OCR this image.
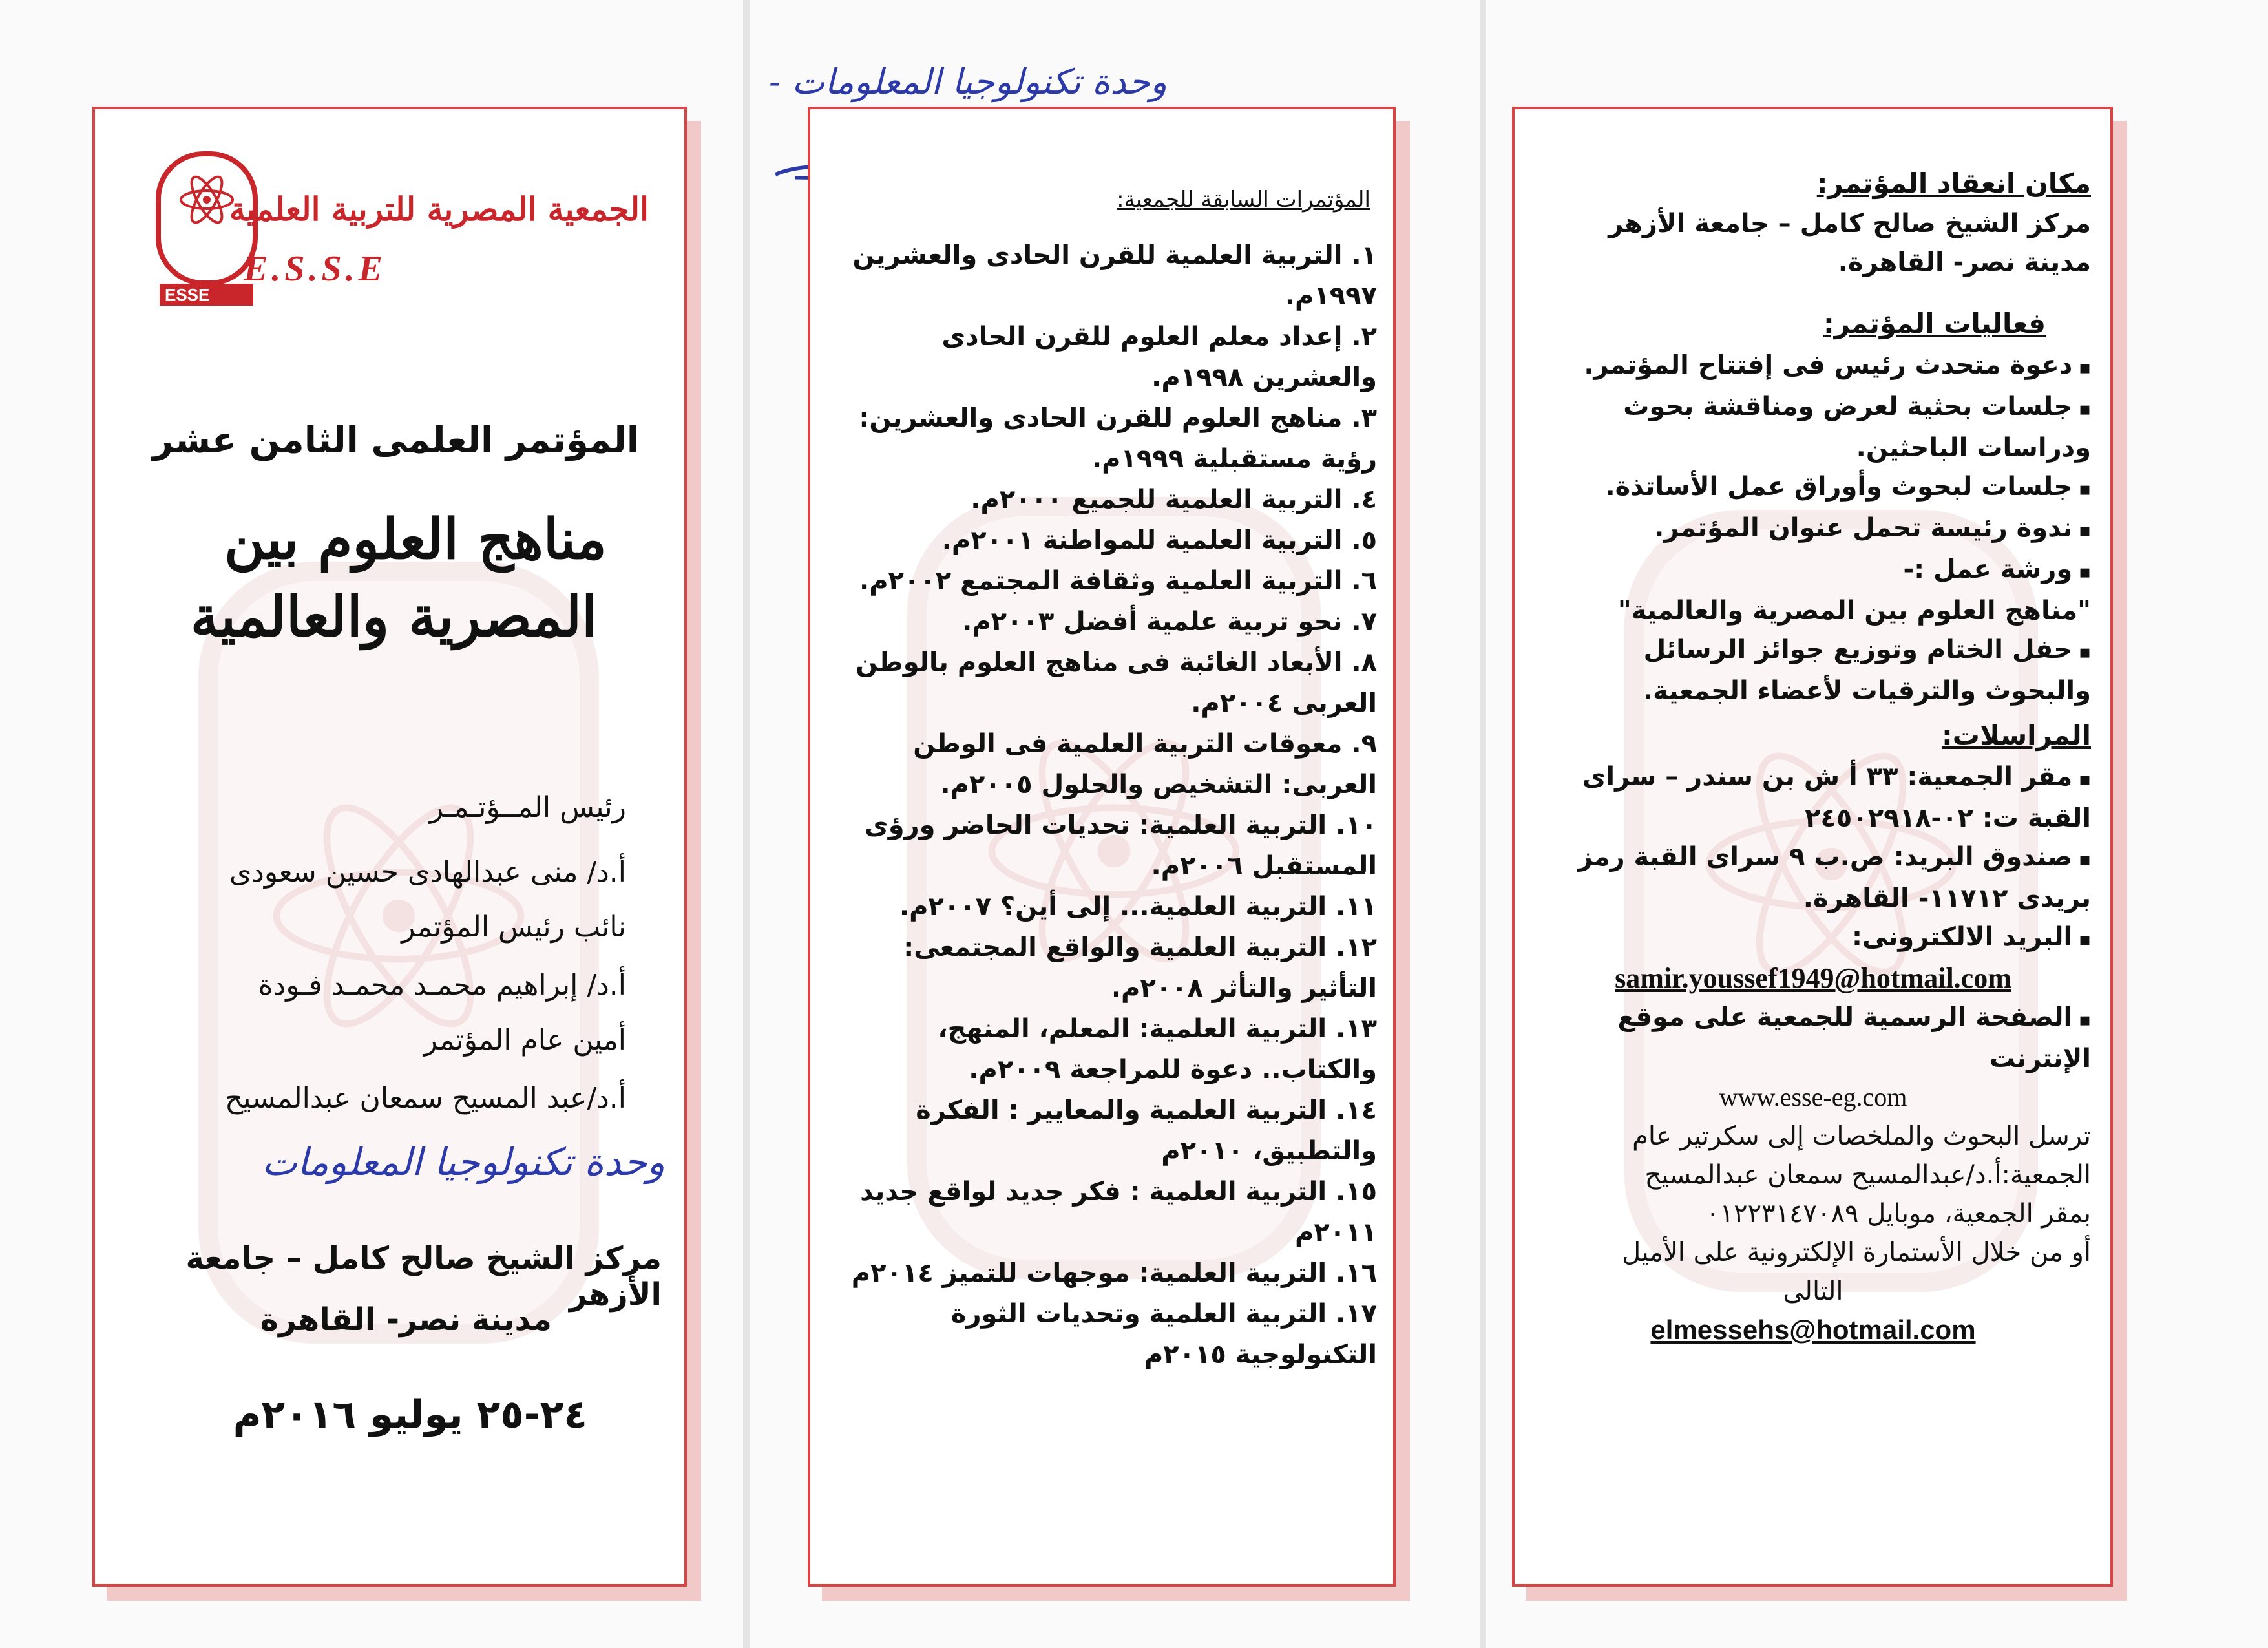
- وحدة تكنولوجيا المعلومات
ESSE
الجمعية المصرية للتربية العلمية
E.S.S.E
المؤتمر العلمى الثامن عشر
مناهج العلوم بين
المصرية والعالمية
رئيس المــؤتـمـر
أ.د/ منى عبدالهادى حسين سعودى
نائب رئيس المؤتمر
أ.د/ إبراهيم محمـد محمـد فـودة
أمين عام المؤتمر
أ.د/عبد المسيح سمعان عبدالمسيح
وحدة تكنولوجيا المعلومات
مركز الشيخ صالح كامل – جامعة الأزهر
مدينة نصر- القاهرة
٢٤-٢٥ يوليو ٢٠١٦م
المؤتمرات السابقة للجمعية:
١. التربية العلمية للقرن الحادى والعشرين ١٩٩٧م.
٢. إعداد معلم العلوم للقرن الحادى والعشرين ١٩٩٨م.
٣. مناهج العلوم للقرن الحادى والعشرين: رؤية مستقبلية ١٩٩٩م.
٤. التربية العلمية للجميع ٢٠٠٠م.
٥. التربية العلمية للمواطنة ٢٠٠١م.
٦. التربية العلمية وثقافة المجتمع ٢٠٠٢م.
٧. نحو تربية علمية أفضل ٢٠٠٣م.
٨. الأبعاد الغائبة فى مناهج العلوم بالوطن العربى ٢٠٠٤م.
٩. معوقات التربية العلمية فى الوطن العربى: التشخيص والحلول ٢٠٠٥م.
١٠. التربية العلمية: تحديات الحاضر ورؤى المستقبل ٢٠٠٦م.
١١. التربية العلمية... إلى أين؟ ٢٠٠٧م.
١٢. التربية العلمية والواقع المجتمعى: التأثير والتأثر ٢٠٠٨م.
١٣. التربية العلمية: المعلم، المنهج، والكتاب.. دعوة للمراجعة ٢٠٠٩م.
١٤. التربية العلمية والمعايير : الفكرة والتطبيق، ٢٠١٠م
١٥. التربية العلمية : فكر جديد لواقع جديد ٢٠١١م
١٦. التربية العلمية: موجهات للتميز ٢٠١٤م
١٧. التربية العلمية وتحديات الثورة التكنولوجية ٢٠١٥م
مكان انعقاد المؤتمر:
مركز الشيخ صالح كامل – جامعة الأزهر
مدينة نصر- القاهرة.
فعاليات المؤتمر:
▪ دعوة متحدث رئيس فى إفتتاح المؤتمر.
▪ جلسات بحثية لعرض ومناقشة بحوث ودراسات الباحثين.
▪ جلسات لبحوث وأوراق عمل الأساتذة.
▪ ندوة رئيسة تحمل عنوان المؤتمر.
▪ ورشة عمل :-
"مناهج العلوم بين المصرية والعالمية"
▪ حفل الختام وتوزيع جوائز الرسائل والبحوث والترقيات لأعضاء الجمعية.
المراسلات:
▪ مقر الجمعية: ٣٣ أ ش بن سندر – سراى القبة ت: ٠٢-٢٤٥٠٢٩١٨
▪ صندوق البريد: ص.ب ٩ سراى القبة رمز بريدى ١١٧١٢- القاهرة.
▪ البريد الالكترونى:
samir.youssef1949@hotmail.com
▪ الصفحة الرسمية للجمعية على موقع الإنترنت
www.esse-eg.com
ترسل البحوث والملخصات إلى سكرتير عام
الجمعية:أ.د/عبدالمسيح سمعان عبدالمسيح
بمقر الجمعية، موبايل ٠١٢٢٣١٤٧٠٨٩
أو من خلال الأستمارة الإلكترونية على الأميل
التالى
elmessehs@hotmail.com
